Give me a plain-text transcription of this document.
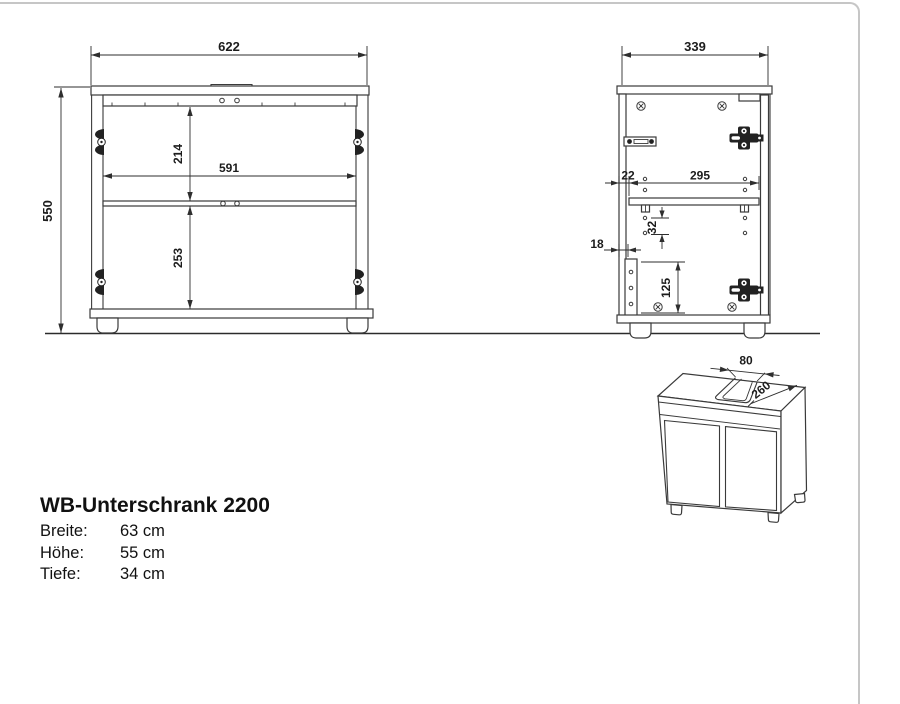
622
550
214
591
253
339
22	295
32
18
125
80
260
WB-Unterschrank 2200
Breite:	63 cm
Höhe:	55 cm
Tiefe:	34 cm
